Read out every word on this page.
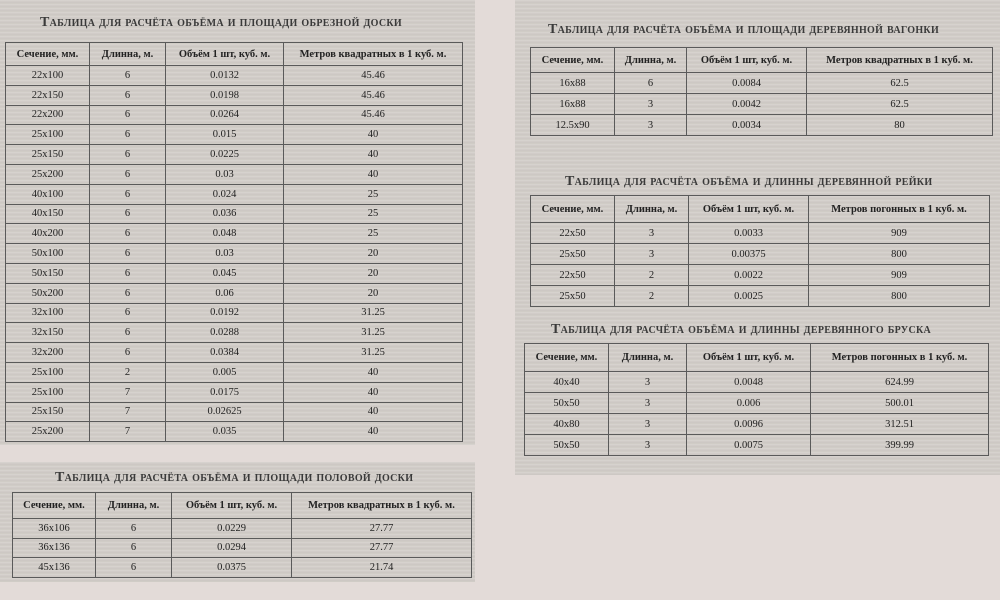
Таблица для расчёта объёма и площади обрезной доски
Сечение, мм.	Длинна, м.	Объём 1 шт, куб. м.	Метров квадратных в 1 куб. м.
22x100	6	0.0132	45.46
22x150	6	0.0198	45.46
22x200	6	0.0264	45.46
25x100	6	0.015	40
25x150	6	0.0225	40
25x200	6	0.03	40
40x100	6	0.024	25
40x150	6	0.036	25
40x200	6	0.048	25
50x100	6	0.03	20
50x150	6	0.045	20
50x200	6	0.06	20
32x100	6	0.0192	31.25
32x150	6	0.0288	31.25
32x200	6	0.0384	31.25
25x100	2	0.005	40
25x100	7	0.0175	40
25x150	7	0.02625	40
25x200	7	0.035	40
Таблица для расчёта объёма и площади половой доски
Сечение, мм.	Длинна, м.	Объём 1 шт, куб. м.	Метров квадратных в 1 куб. м.
36x106	6	0.0229	27.77
36x136	6	0.0294	27.77
45x136	6	0.0375	21.74
Таблица для расчёта объёма и площади деревянной вагонки
Сечение, мм.	Длинна, м.	Объём 1 шт, куб. м.	Метров квадратных в 1 куб. м.
16x88	6	0.0084	62.5
16x88	3	0.0042	62.5
12.5x90	3	0.0034	80
Таблица для расчёта объёма и длинны деревянной рейки
Сечение, мм.	Длинна, м.	Объём 1 шт, куб. м.	Метров погонных в 1 куб. м.
22x50	3	0.0033	909
25x50	3	0.00375	800
22x50	2	0.0022	909
25x50	2	0.0025	800
Таблица для расчёта объёма и длинны деревянного бруска
Сечение, мм.	Длинна, м.	Объём 1 шт, куб. м.	Метров погонных в 1 куб. м.
40x40	3	0.0048	624.99
50x50	3	0.006	500.01
40x80	3	0.0096	312.51
50x50	3	0.0075	399.99
